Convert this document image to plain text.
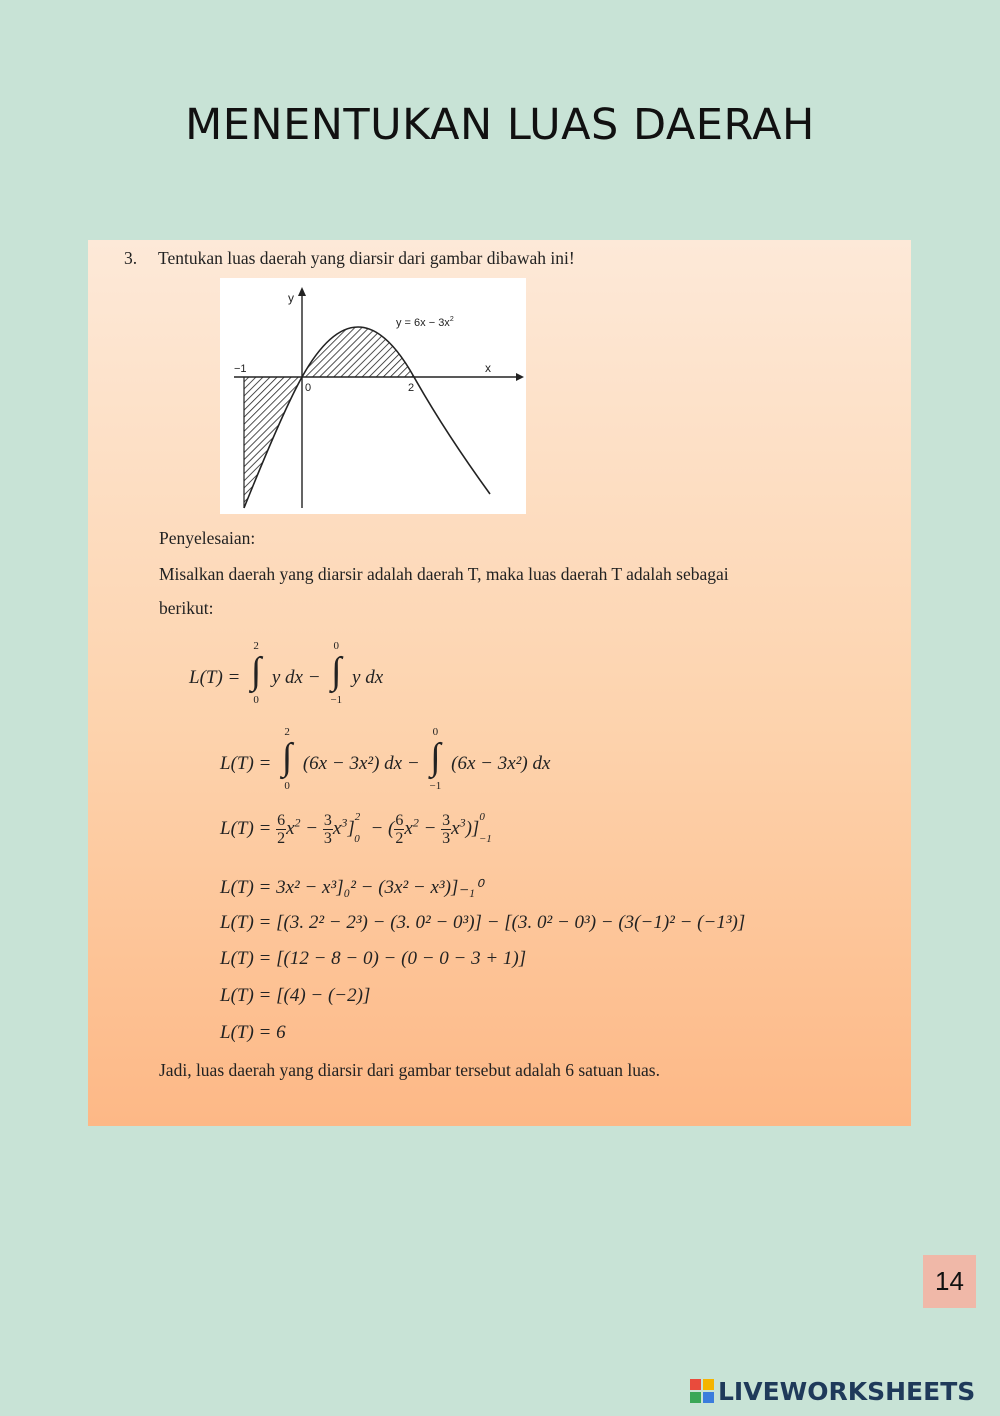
MENENTUKAN LUAS DAERAH
3. Tentukan luas daerah yang diarsir dari gambar dibawah ini!
y
x
$y = 6x - 3x^2$
−1
0	2
Penyelesaian:
Misalkan daerah yang diarsir adalah daerah T, maka luas daerah T adalah sebagai
berikut:
L(T) =
2
∫
0
y dx −
0
∫
−1
y dx
L(T) =
2
∫
0
(6x − 3x²) dx −
0
∫
−1
(6x − 3x²) dx
$L(T) = \frac{6}{2} x^2 - \frac{3}{3} x^3]^2_0$ − ( $\frac{6}{2} x^2 - \frac{3}{3} x^3)]^0_{-1}$
L(T) = 3x² − x³]₀² − (3x² − x³)]₋₁⁰
L(T) = [(3. 2² − 2³) − (3. 0² − 0³)] − [(3. 0² − 0³) − (3(−1)² − (−1³)]
L(T) = [(12 − 8 − 0) − (0 − 0 − 3 + 1)]
L(T) = [(4) − (−2)]
L(T) = 6
Jadi, luas daerah yang diarsir dari gambar tersebut adalah 6 satuan luas.
14
LIVEWORKSHEETS
